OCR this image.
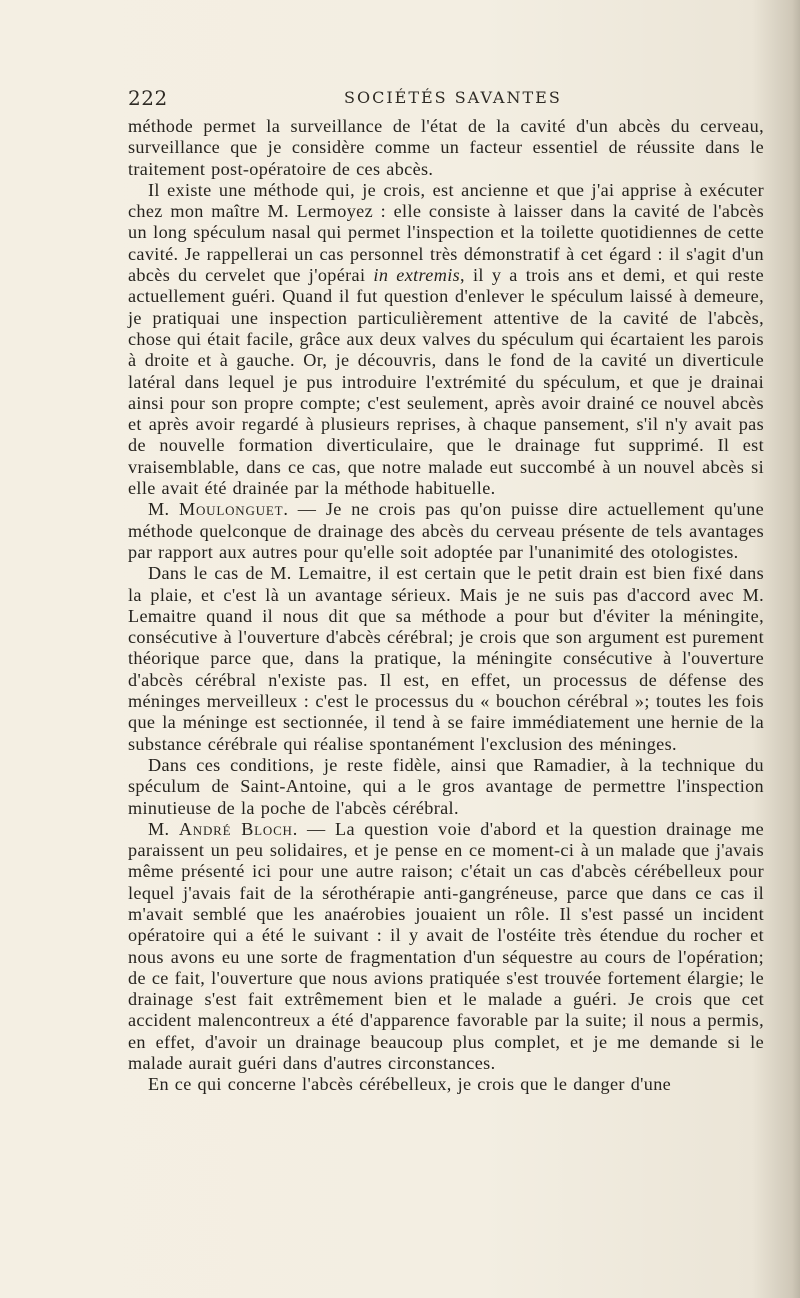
222	SOCIÉTÉS SAVANTES

méthode permet la surveillance de l'état de la cavité d'un abcès du cerveau, surveillance que je considère comme un facteur essentiel de réussite dans le traitement post-opératoire de ces abcès.

Il existe une méthode qui, je crois, est ancienne et que j'ai apprise à exécuter chez mon maître M. Lermoyez : elle consiste à laisser dans la cavité de l'abcès un long spéculum nasal qui permet l'inspection et la toilette quotidiennes de cette cavité. Je rappellerai un cas personnel très démonstratif à cet égard : il s'agit d'un abcès du cervelet que j'opérai in extremis, il y a trois ans et demi, et qui reste actuellement guéri. Quand il fut question d'enlever le spéculum laissé à demeure, je pratiquai une inspection particulièrement attentive de la cavité de l'abcès, chose qui était facile, grâce aux deux valves du spéculum qui écartaient les parois à droite et à gauche. Or, je découvris, dans le fond de la cavité un diverticule latéral dans lequel je pus introduire l'extrémité du spéculum, et que je drainai ainsi pour son propre compte; c'est seulement, après avoir drainé ce nouvel abcès et après avoir regardé à plusieurs reprises, à chaque pansement, s'il n'y avait pas de nouvelle formation diverticulaire, que le drainage fut supprimé. Il est vraisemblable, dans ce cas, que notre malade eut succombé à un nouvel abcès si elle avait été drainée par la méthode habituelle.

M. Moulonguet. — Je ne crois pas qu'on puisse dire actuellement qu'une méthode quelconque de drainage des abcès du cerveau présente de tels avantages par rapport aux autres pour qu'elle soit adoptée par l'unanimité des otologistes.

Dans le cas de M. Lemaitre, il est certain que le petit drain est bien fixé dans la plaie, et c'est là un avantage sérieux. Mais je ne suis pas d'accord avec M. Lemaitre quand il nous dit que sa méthode a pour but d'éviter la méningite, consécutive à l'ouverture d'abcès cérébral; je crois que son argument est purement théorique parce que, dans la pratique, la méningite consécutive à l'ouverture d'abcès cérébral n'existe pas. Il est, en effet, un processus de défense des méninges merveilleux : c'est le processus du « bouchon cérébral »; toutes les fois que la méninge est sectionnée, il tend à se faire immédiatement une hernie de la substance cérébrale qui réalise spontanément l'exclusion des méninges.

Dans ces conditions, je reste fidèle, ainsi que Ramadier, à la technique du spéculum de Saint-Antoine, qui a le gros avantage de permettre l'inspection minutieuse de la poche de l'abcès cérébral.

M. André Bloch. — La question voie d'abord et la question drainage me paraissent un peu solidaires, et je pense en ce moment-ci à un malade que j'avais même présenté ici pour une autre raison; c'était un cas d'abcès cérébelleux pour lequel j'avais fait de la sérothérapie anti-gangréneuse, parce que dans ce cas il m'avait semblé que les anaérobies jouaient un rôle. Il s'est passé un incident opératoire qui a été le suivant : il y avait de l'ostéite très étendue du rocher et nous avons eu une sorte de fragmentation d'un séquestre au cours de l'opération; de ce fait, l'ouverture que nous avions pratiquée s'est trouvée fortement élargie; le drainage s'est fait extrêmement bien et le malade a guéri. Je crois que cet accident malencontreux a été d'apparence favorable par la suite; il nous a permis, en effet, d'avoir un drainage beaucoup plus complet, et je me demande si le malade aurait guéri dans d'autres circonstances.

En ce qui concerne l'abcès cérébelleux, je crois que le danger d'une
